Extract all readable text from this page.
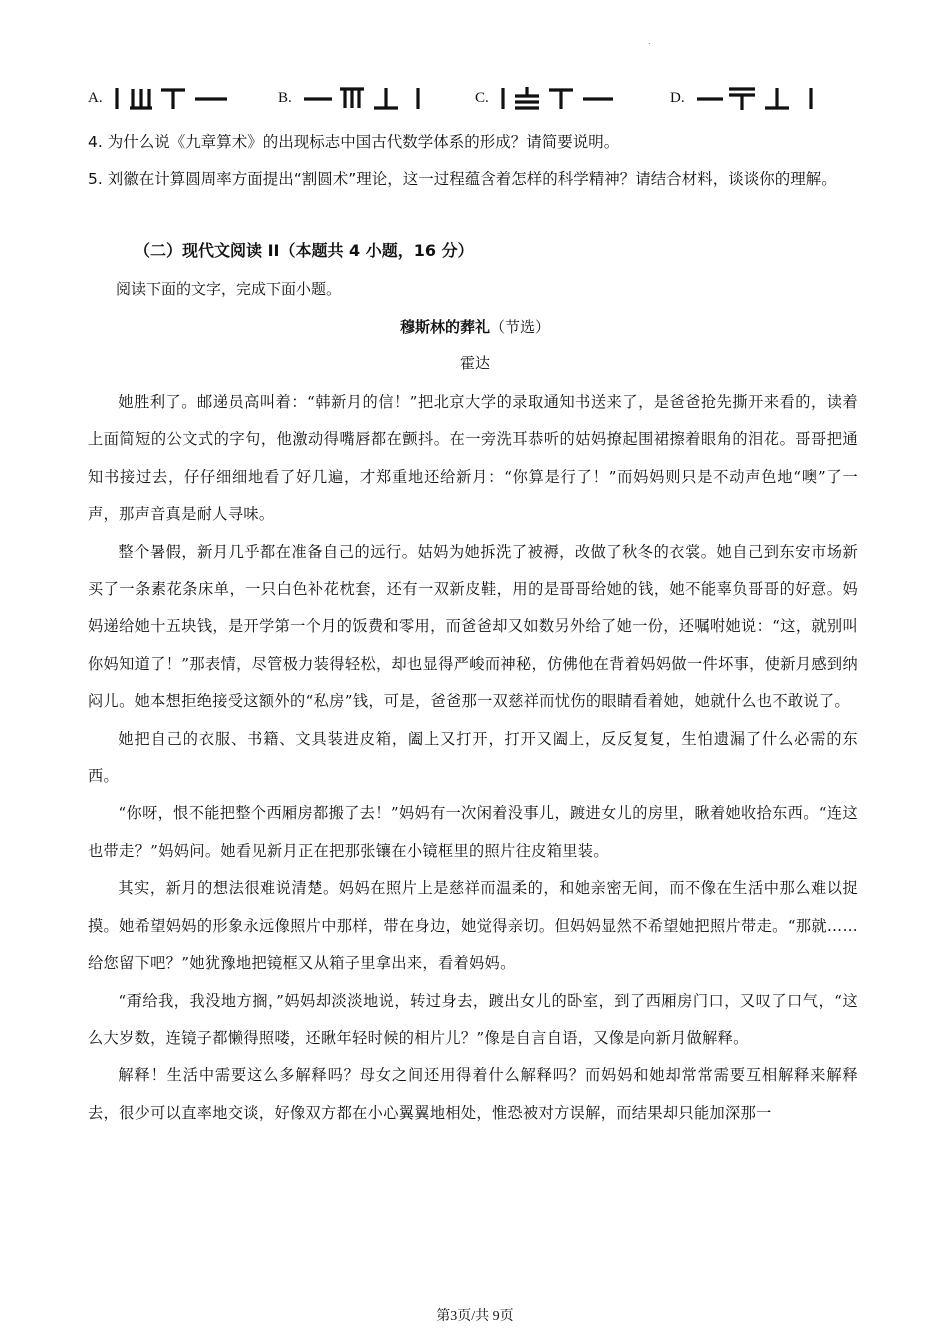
.
A.	B.	C.	D.
4. 为什么说《九章算术》的出现标志中国古代数学体系的形成？请简要说明。
5. 刘徽在计算圆周率方面提出“割圆术”理论，这一过程蕴含着怎样的科学精神？请结合材料，谈谈你的理解。
（二）现代文阅读 II（本题共 4 小题，16 分）
阅读下面的文字，完成下面小题。
穆斯林的葬礼（节选）
霍达

她胜利了。邮递员高叫着：“韩新月的信！”把北京大学的录取通知书送来了，是爸爸抢先撕开来看的，读着上面简短的公文式的字句，他激动得嘴唇都在颤抖。在一旁洗耳恭听的姑妈撩起围裙擦着眼角的泪花。哥哥把通知书接过去，仔仔细细地看了好几遍，才郑重地还给新月：“你算是行了！”而妈妈则只是不动声色地“噢”了一声，那声音真是耐人寻味。

整个暑假，新月几乎都在准备自己的远行。姑妈为她拆洗了被褥，改做了秋冬的衣裳。她自己到东安市场新买了一条素花条床单，一只白色补花枕套，还有一双新皮鞋，用的是哥哥给她的钱，她不能辜负哥哥的好意。妈妈递给她十五块钱，是开学第一个月的饭费和零用，而爸爸却又如数另外给了她一份，还嘱咐她说：“这，就别叫你妈知道了！”那表情，尽管极力装得轻松，却也显得严峻而神秘，仿佛他在背着妈妈做一件坏事，使新月感到纳闷儿。她本想拒绝接受这额外的“私房”钱，可是，爸爸那一双慈祥而忧伤的眼睛看着她，她就什么也不敢说了。

她把自己的衣服、书籍、文具装进皮箱，阖上又打开，打开又阖上，反反复复，生怕遗漏了什么必需的东西。

“你呀，恨不能把整个西厢房都搬了去！”妈妈有一次闲着没事儿，踱进女儿的房里，瞅着她收拾东西。“连这也带走？”妈妈问。她看见新月正在把那张镶在小镜框里的照片往皮箱里装。

其实，新月的想法很难说清楚。妈妈在照片上是慈祥而温柔的，和她亲密无间，而不像在生活中那么难以捉摸。她希望妈妈的形象永远像照片中那样，带在身边，她觉得亲切。但妈妈显然不希望她把照片带走。“那就……给您留下吧？”她犹豫地把镜框又从箱子里拿出来，看着妈妈。

“甭给我，我没地方搁，”妈妈却淡淡地说，转过身去，踱出女儿的卧室，到了西厢房门口，又叹了口气，“这么大岁数，连镜子都懒得照喽，还瞅年轻时候的相片儿？”像是自言自语，又像是向新月做解释。

解释！生活中需要这么多解释吗？母女之间还用得着什么解释吗？而妈妈和她却常常需要互相解释来解释去，很少可以直率地交谈，好像双方都在小心翼翼地相处，惟恐被对方误解，而结果却只能加深那一

第3页/共 9页
